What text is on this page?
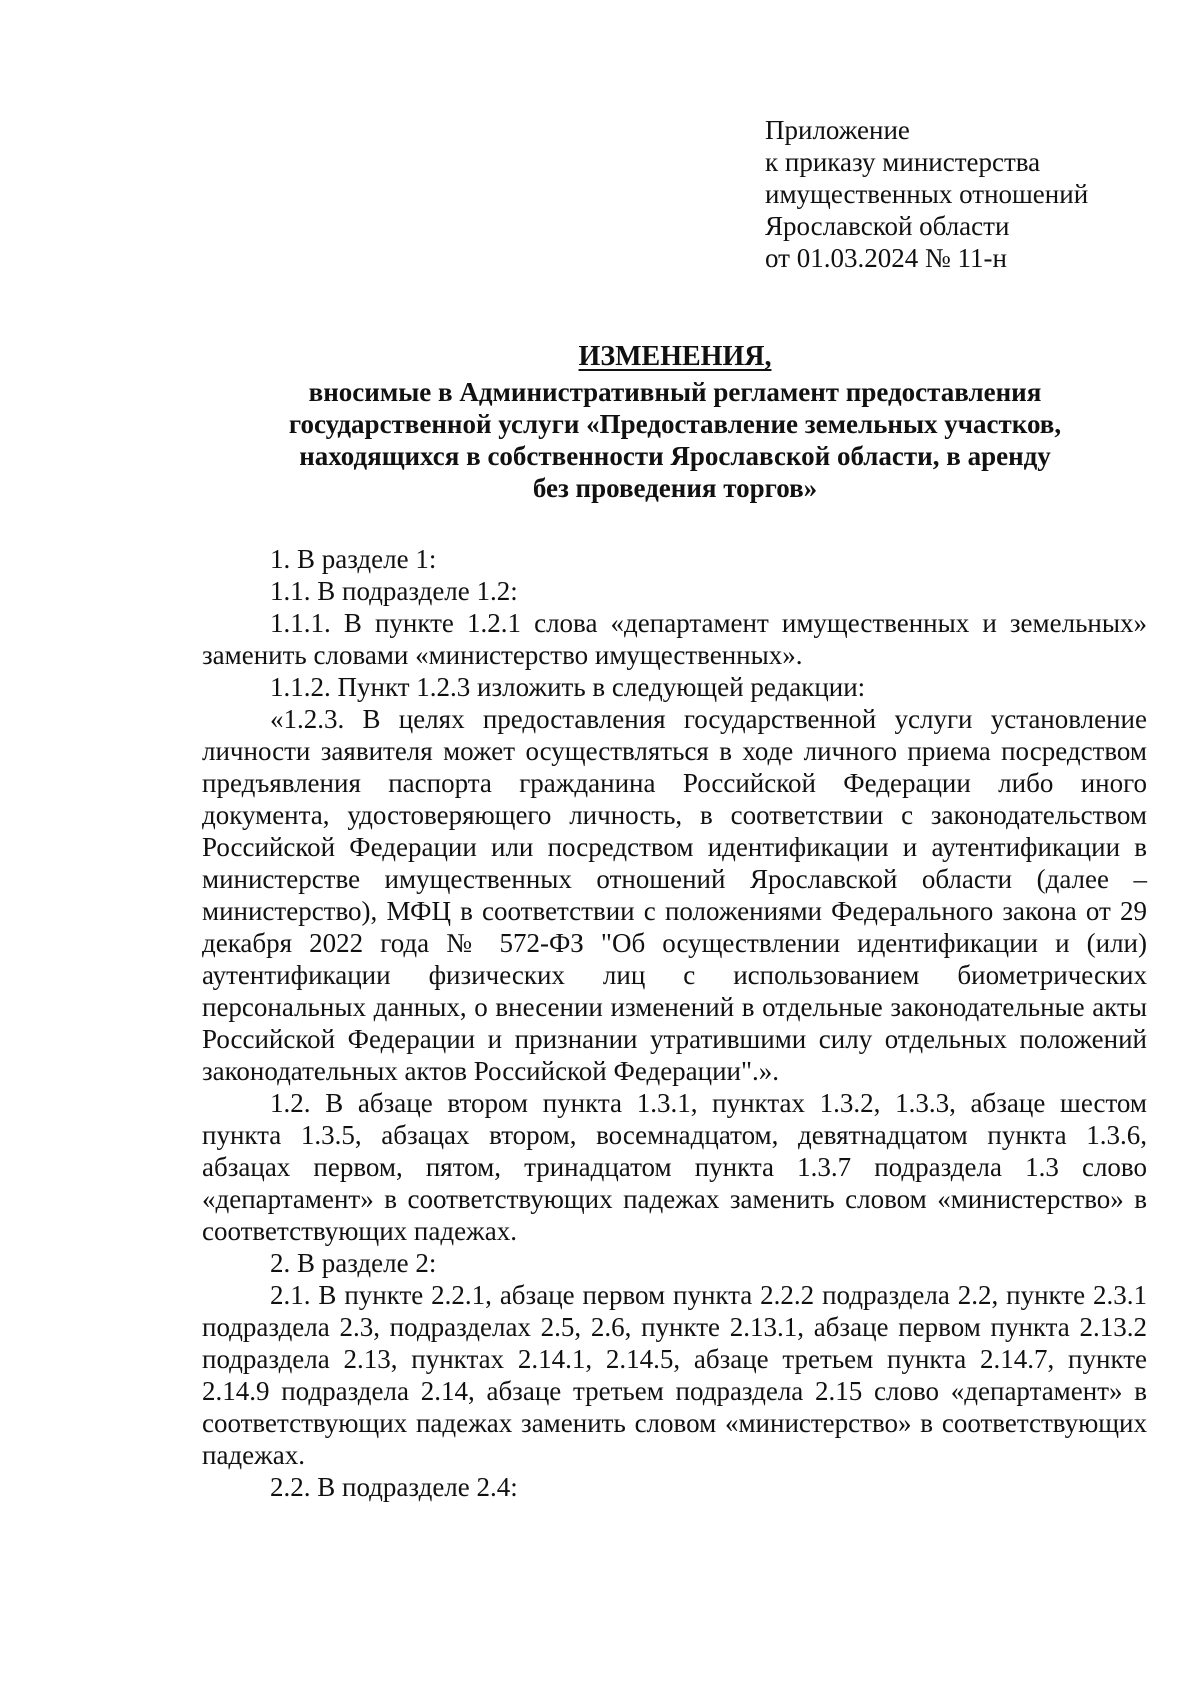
Приложение
к приказу министерства
имущественных отношений
Ярославской области
от 01.03.2024 № 11-н
ИЗМЕНЕНИЯ,
вносимые в Административный регламент предоставления
государственной услуги «Предоставление земельных участков,
находящихся в собственности Ярославской области, в аренду
без проведения торгов»

1. В разделе 1:

1.1. В подразделе 1.2:

1.1.1. В пункте 1.2.1 слова «департамент имущественных и земельных» заменить словами «министерство имущественных».

1.1.2. Пункт 1.2.3 изложить в следующей редакции:

«1.2.3. В целях предоставления государственной услуги установление личности заявителя может осуществляться в ходе личного приема посредством предъявления паспорта гражданина Российской Федерации либо иного документа, удостоверяющего личность, в соответствии с законодательством Российской Федерации или посредством идентификации и аутентификации в министерстве имущественных отношений Ярославской области (далее – министерство), МФЦ в соответствии с положениями Федерального закона от 29 декабря 2022 года № 572-ФЗ "Об осуществлении идентификации и (или) аутентификации физических лиц с использованием биометрических персональных данных, о внесении изменений в отдельные законодательные акты Российской Федерации и признании утратившими силу отдельных положений законодательных актов Российской Федерации".».

1.2. В абзаце втором пункта 1.3.1, пунктах 1.3.2, 1.3.3, абзаце шестом пункта 1.3.5, абзацах втором, восемнадцатом, девятнадцатом пункта 1.3.6, абзацах первом, пятом, тринадцатом пункта 1.3.7 подраздела 1.3 слово «департамент» в соответствующих падежах заменить словом «министерство» в соответствующих падежах.

2. В разделе 2:

2.1. В пункте 2.2.1, абзаце первом пункта 2.2.2 подраздела 2.2, пункте 2.3.1 подраздела 2.3, подразделах 2.5, 2.6, пункте 2.13.1, абзаце первом пункта 2.13.2 подраздела 2.13, пунктах 2.14.1, 2.14.5, абзаце третьем пункта 2.14.7, пункте 2.14.9 подраздела 2.14, абзаце третьем подраздела 2.15 слово «департамент» в соответствующих падежах заменить словом «министерство» в соответствующих падежах.

2.2. В подразделе 2.4:
